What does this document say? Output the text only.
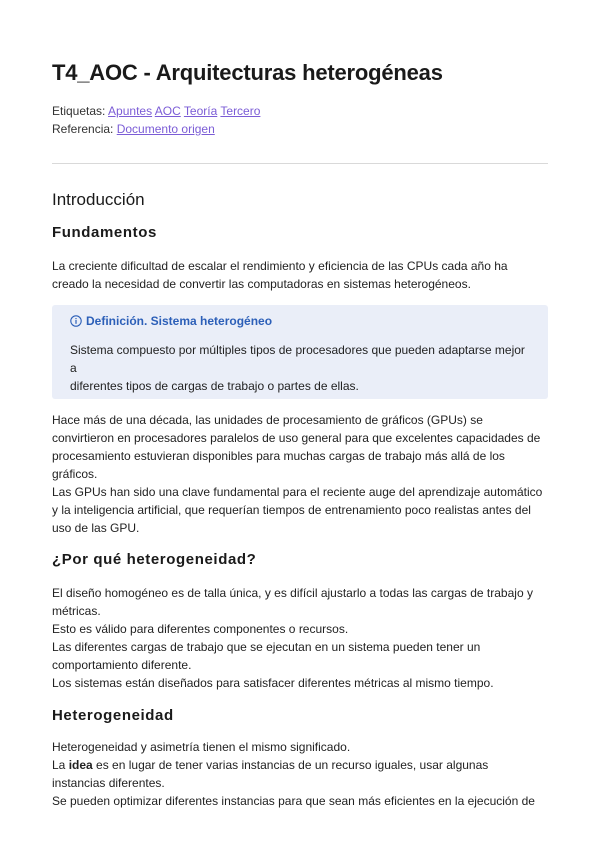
T4_AOC - Arquitecturas heterogéneas
Etiquetas: Apuntes AOC Teoría Tercero
Referencia: Documento origen
Introducción
Fundamentos

La creciente dificultad de escalar el rendimiento y eficiencia de las CPUs cada año ha
creado la necesidad de convertir las computadoras en sistemas heterogéneos.

Definición. Sistema heterogéneo
Sistema compuesto por múltiples tipos de procesadores que pueden adaptarse mejor a
diferentes tipos de cargas de trabajo o partes de ellas.

Hace más de una década, las unidades de procesamiento de gráficos (GPUs) se
convirtieron en procesadores paralelos de uso general para que excelentes capacidades de
procesamiento estuvieran disponibles para muchas cargas de trabajo más allá de los
gráficos.
Las GPUs han sido una clave fundamental para el reciente auge del aprendizaje automático
y la inteligencia artificial, que requerían tiempos de entrenamiento poco realistas antes del
uso de las GPU.

¿Por qué heterogeneidad?

El diseño homogéneo es de talla única, y es difícil ajustarlo a todas las cargas de trabajo y
métricas.
Esto es válido para diferentes componentes o recursos.
Las diferentes cargas de trabajo que se ejecutan en un sistema pueden tener un
comportamiento diferente.
Los sistemas están diseñados para satisfacer diferentes métricas al mismo tiempo.

Heterogeneidad

Heterogeneidad y asimetría tienen el mismo significado.
La idea es en lugar de tener varias instancias de un recurso iguales, usar algunas
instancias diferentes.
Se pueden optimizar diferentes instancias para que sean más eficientes en la ejecución de
